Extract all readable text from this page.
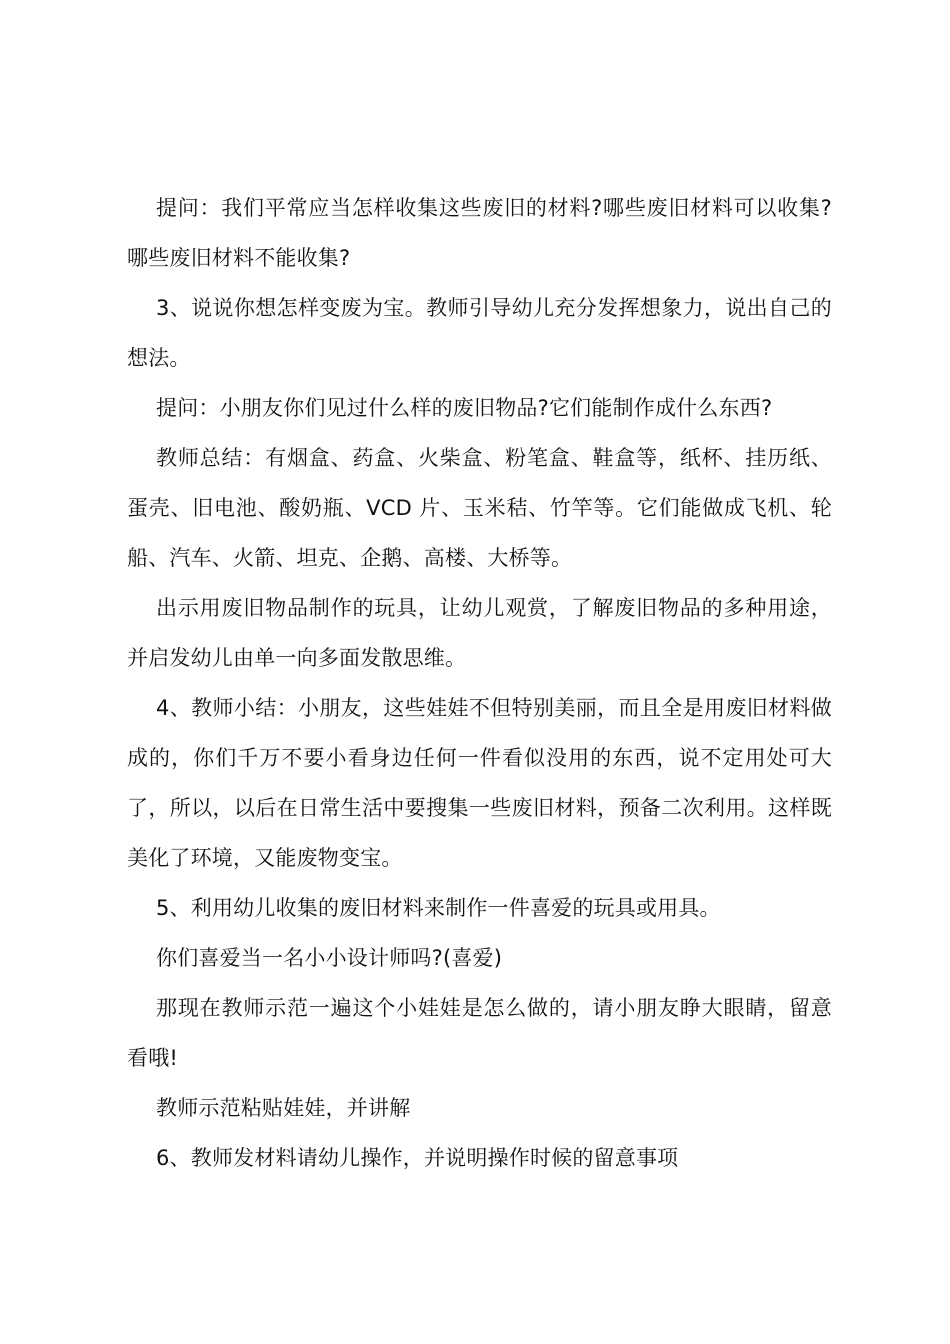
提问：我们平常应当怎样收集这些废旧的材料?哪些废旧材料可以收集?哪些废旧材料不能收集?

3、说说你想怎样变废为宝。教师引导幼儿充分发挥想象力，说出自己的想法。

提问：小朋友你们见过什么样的废旧物品?它们能制作成什么东西?

教师总结：有烟盒、药盒、火柴盒、粉笔盒、鞋盒等，纸杯、挂历纸、蛋壳、旧电池、酸奶瓶、VCD 片、玉米秸、竹竿等。它们能做成飞机、轮船、汽车、火箭、坦克、企鹅、高楼、大桥等。

出示用废旧物品制作的玩具，让幼儿观赏，了解废旧物品的多种用途，并启发幼儿由单一向多面发散思维。

4、教师小结：小朋友，这些娃娃不但特别美丽，而且全是用废旧材料做成的，你们千万不要小看身边任何一件看似没用的东西，说不定用处可大了，所以，以后在日常生活中要搜集一些废旧材料，预备二次利用。这样既美化了环境，又能废物变宝。

5、利用幼儿收集的废旧材料来制作一件喜爱的玩具或用具。

你们喜爱当一名小小设计师吗?(喜爱)

那现在教师示范一遍这个小娃娃是怎么做的，请小朋友睁大眼睛，留意看哦!

教师示范粘贴娃娃，并讲解

6、教师发材料请幼儿操作，并说明操作时候的留意事项
